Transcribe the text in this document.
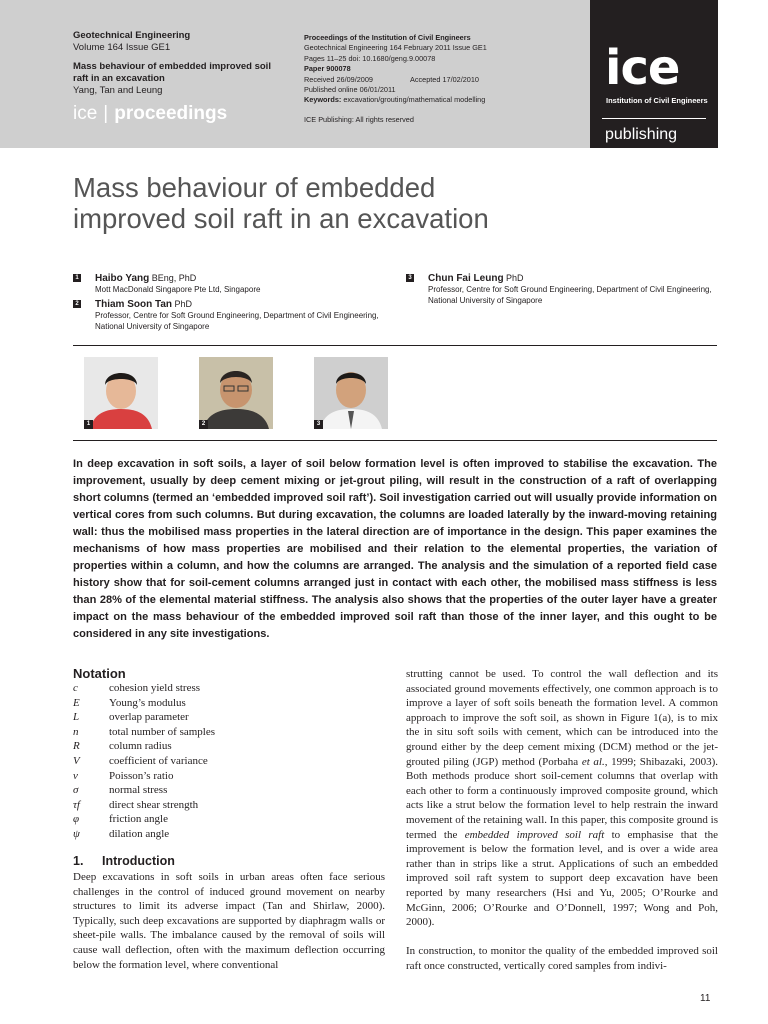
Geotechnical Engineering
Volume 164 Issue GE1
Mass behaviour of embedded improved soil raft in an excavation
Yang, Tan and Leung
ice | proceedings
Proceedings of the Institution of Civil Engineers
Geotechnical Engineering 164 February 2011 Issue GE1
Pages 11–25 doi: 10.1680/geng.9.00078
Paper 900078
Received 26/09/2009	Accepted 17/02/2010
Published online 06/01/2011
Keywords: excavation/grouting/mathematical modelling
ICE Publishing: All rights reserved
ice
Institution of Civil Engineers
publishing
Mass behaviour of embedded improved soil raft in an excavation
1 Haibo Yang BEng, PhD
Mott MacDonald Singapore Pte Ltd, Singapore
2 Thiam Soon Tan PhD
Professor, Centre for Soft Ground Engineering, Department of Civil Engineering, National University of Singapore
3 Chun Fai Leung PhD
Professor, Centre for Soft Ground Engineering, Department of Civil Engineering, National University of Singapore
1	2	3
In deep excavation in soft soils, a layer of soil below formation level is often improved to stabilise the excavation. The improvement, usually by deep cement mixing or jet-grout piling, will result in the construction of a raft of overlapping short columns (termed an ‘embedded improved soil raft’). Soil investigation carried out will usually provide information on vertical cores from such columns. But during excavation, the columns are loaded laterally by the inward-moving retaining wall: thus the mobilised mass properties in the lateral direction are of importance in the design. This paper examines the mechanisms of how mass properties are mobilised and their relation to the elemental properties, the variation of properties within a column, and how the columns are arranged. The analysis and the simulation of a reported field case history show that for soil-cement columns arranged just in contact with each other, the mobilised mass stiffness is less than 28% of the elemental material stiffness. The analysis also shows that the properties of the outer layer have a greater impact on the mass behaviour of the embedded improved soil raft than those of the inner layer, and this ought to be considered in any site investigations.
Notation
c	cohesion yield stress
E	Young’s modulus
L	overlap parameter
n	total number of samples
R	column radius
V	coefficient of variance
ν	Poisson’s ratio
σ	normal stress
τf	direct shear strength
φ	friction angle
ψ	dilation angle
1. Introduction

Deep excavations in soft soils in urban areas often face serious challenges in the control of induced ground movement on nearby structures to limit its adverse impact (Tan and Shirlaw, 2000). Typically, such deep excavations are supported by diaphragm walls or sheet-pile walls. The imbalance caused by the removal of soils will cause wall deflection, often with the maximum deflection occurring below the formation level, where conventional

strutting cannot be used. To control the wall deflection and its associated ground movements effectively, one common approach is to improve a layer of soft soils beneath the formation level. A common approach to improve the soft soil, as shown in Figure 1(a), is to mix the in situ soft soils with cement, which can be introduced into the ground either by the deep cement mixing (DCM) method or the jet-grouted piling (JGP) method (Porbaha et al., 1999; Shibazaki, 2003). Both methods produce short soil-cement columns that overlap with each other to form a continuously improved composite ground, which acts like a strut below the formation level to help restrain the inward movement of the retaining wall. In this paper, this composite ground is termed the embedded improved soil raft to emphasise that the improvement is below the formation level, and is over a wide area rather than in strips like a strut. Applications of such an embedded improved soil raft system to support deep excavation have been reported by many researchers (Hsi and Yu, 2005; O’Rourke and McGinn, 2006; O’Rourke and O’Donnell, 1997; Wong and Poh, 2000).

In construction, to monitor the quality of the embedded improved soil raft once constructed, vertically cored samples from indivi-

11
